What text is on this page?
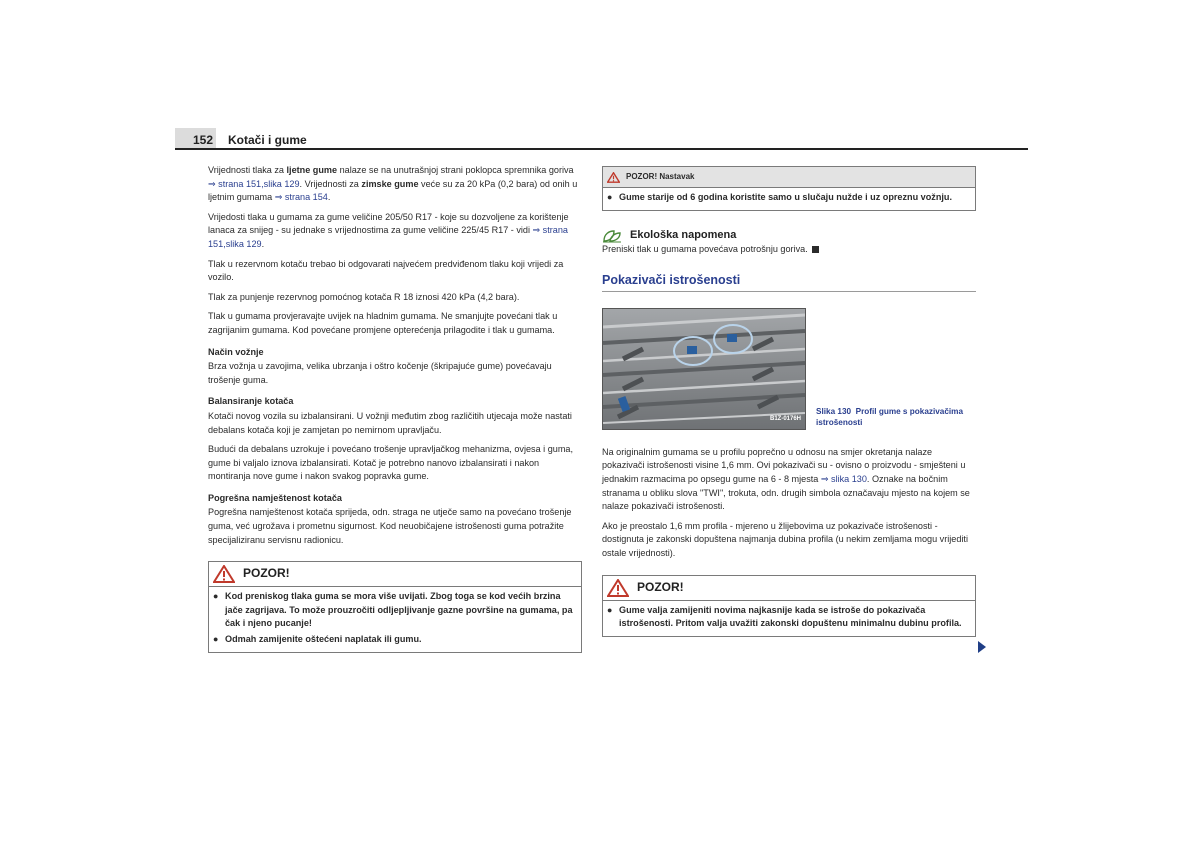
152 Kotači i gume

Vrijednosti tlaka za ljetne gume nalaze se na unutrašnjoj strani poklopca spremnika goriva ⇒ strana 151,slika 129. Vrijednosti za zimske gume veće su za 20 kPa (0,2 bara) od onih u ljetnim gumama ⇒ strana 154.

Vrijedosti tlaka u gumama za gume veličine 205/50 R17 - koje su dozvoljene za korištenje lanaca za snijeg - su jednake s vrijednostima za gume veličine 225/45 R17 - vidi ⇒ strana 151,slika 129.

Tlak u rezervnom kotaču trebao bi odgovarati najvećem predviđenom tlaku koji vrijedi za vozilo.

Tlak za punjenje rezervnog pomoćnog kotača R 18 iznosi 420 kPa (4,2 bara).

Tlak u gumama provjeravajte uvijek na hladnim gumama. Ne smanjujte povećani tlak u zagrijanim gumama. Kod povećane promjene opterećenja prilagodite i tlak u gumama.

Način vožnje

Brza vožnja u zavojima, velika ubrzanja i oštro kočenje (škripajuće gume) povećavaju trošenje guma.

Balansiranje kotača

Kotači novog vozila su izbalansirani. U vožnji međutim zbog različitih utjecaja može nastati debalans kotača koji je zamjetan po nemirnom upravljaču.

Budući da debalans uzrokuje i povećano trošenje upravljačkog mehanizma, ovjesa i guma, gume bi valjalo iznova izbalansirati. Kotač je potrebno nanovo izbalansirati i nakon montiranja nove gume i nakon svakog popravka gume.

Pogrešna namještenost kotača

Pogrešna namještenost kotača sprijeda, odn. straga ne utječe samo na povećano trošenje guma, već ugrožava i prometnu sigurnost. Kod neuobičajene istrošenosti guma potražite specijaliziranu servisnu radionicu.

POZOR!
● Kod preniskog tlaka guma se mora više uvijati. Zbog toga se kod većih brzina jače zagrijava. To može prouzročiti odljepljivanje gazne površine na gumama, pa čak i njeno pucanje!
● Odmah zamijenite oštećeni naplatak ili gumu.
POZOR! Nastavak
● Gume starije od 6 godina koristite samo u slučaju nužde i uz opreznu vožnju.
Ekološka napomena

Preniski tlak u gumama povećava potrošnju goriva.

Pokazivači istrošenosti
B1Z-0176H
Slika 130 Profil gume s pokazivačima istrošenosti

Na originalnim gumama se u profilu poprečno u odnosu na smjer okretanja nalaze pokazivači istrošenosti visine 1,6 mm. Ovi pokazivači su - ovisno o proizvodu - smješteni u jednakim razmacima po opsegu gume na 6 - 8 mjesta ⇒ slika 130. Oznake na bočnim stranama u obliku slova "TWI", trokuta, odn. drugih simbola označavaju mjesto na kojem se nalaze pokazivači istrošenosti.

Ako je preostalo 1,6 mm profila - mjereno u žlijebovima uz pokazivače istrošenosti - dostignuta je zakonski dopuštena najmanja dubina profila (u nekim zemljama mogu vrijediti ostale vrijednosti).

POZOR!
● Gume valja zamijeniti novima najkasnije kada se istroše do pokazivača istrošenosti. Pritom valja uvažiti zakonski dopuštenu minimalnu dubinu profila.
